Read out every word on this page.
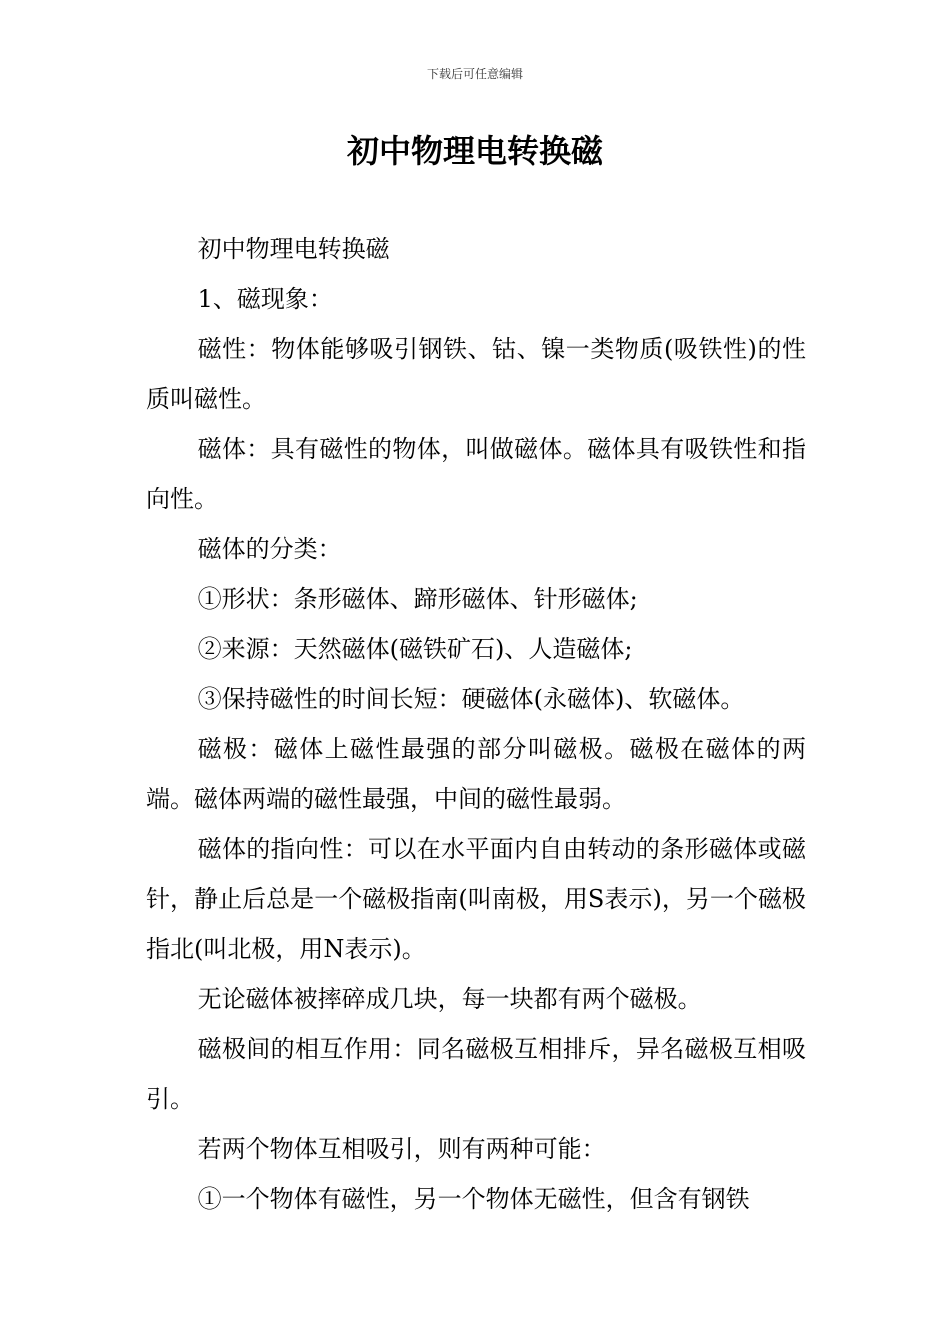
下载后可任意编辑
初中物理电转换磁

初中物理电转换磁

1、磁现象：

磁性：物体能够吸引钢铁、钴、镍一类物质(吸铁性)的性质叫磁性。

磁体：具有磁性的物体，叫做磁体。磁体具有吸铁性和指向性。

磁体的分类：

①形状：条形磁体、蹄形磁体、针形磁体;

②来源：天然磁体(磁铁矿石)、人造磁体;

③保持磁性的时间长短：硬磁体(永磁体)、软磁体。

磁极：磁体上磁性最强的部分叫磁极。磁极在磁体的两端。磁体两端的磁性最强，中间的磁性最弱。

磁体的指向性：可以在水平面内自由转动的条形磁体或磁针，静止后总是一个磁极指南(叫南极，用S表示)，另一个磁极指北(叫北极，用N表示)。

无论磁体被摔碎成几块，每一块都有两个磁极。

磁极间的相互作用：同名磁极互相排斥，异名磁极互相吸引。

若两个物体互相吸引，则有两种可能：

①一个物体有磁性，另一个物体无磁性，但含有钢铁
